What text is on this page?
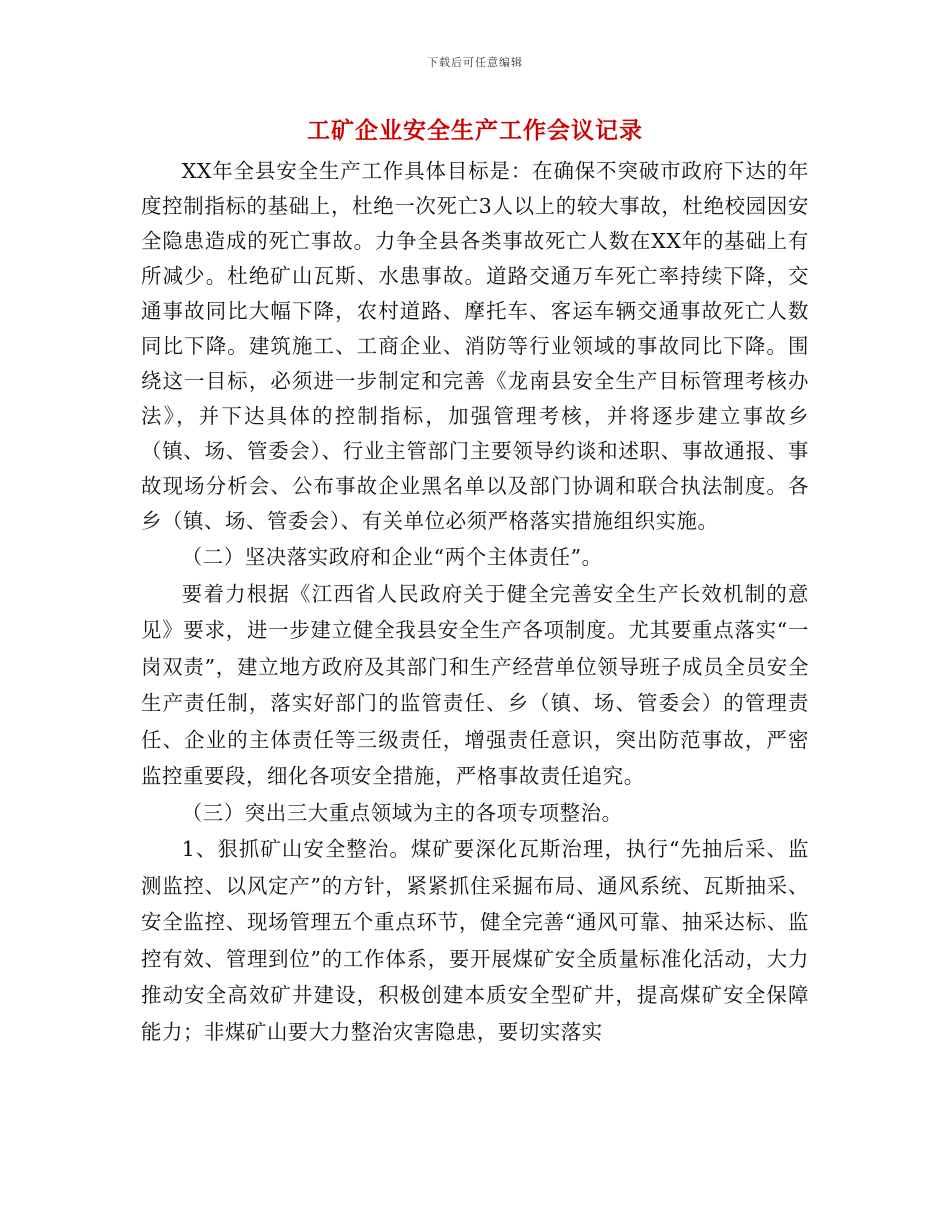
下载后可任意编辑
工矿企业安全生产工作会议记录

XX年全县安全生产工作具体目标是：在确保不突破市政府下达的年度控制指标的基础上，杜绝一次死亡3人以上的较大事故，杜绝校园因安全隐患造成的死亡事故。力争全县各类事故死亡人数在XX年的基础上有所减少。杜绝矿山瓦斯、水患事故。道路交通万车死亡率持续下降，交通事故同比大幅下降，农村道路、摩托车、客运车辆交通事故死亡人数同比下降。建筑施工、工商企业、消防等行业领域的事故同比下降。围绕这一目标，必须进一步制定和完善《龙南县安全生产目标管理考核办法》，并下达具体的控制指标，加强管理考核，并将逐步建立事故乡（镇、场、管委会）、行业主管部门主要领导约谈和述职、事故通报、事故现场分析会、公布事故企业黑名单以及部门协调和联合执法制度。各乡（镇、场、管委会）、有关单位必须严格落实措施组织实施。

（二）坚决落实政府和企业“两个主体责任”。

要着力根据《江西省人民政府关于健全完善安全生产长效机制的意见》要求，进一步建立健全我县安全生产各项制度。尤其要重点落实“一岗双责”，建立地方政府及其部门和生产经营单位领导班子成员全员安全生产责任制，落实好部门的监管责任、乡（镇、场、管委会）的管理责任、企业的主体责任等三级责任，增强责任意识，突出防范事故，严密监控重要段，细化各项安全措施，严格事故责任追究。

（三）突出三大重点领域为主的各项专项整治。

1、狠抓矿山安全整治。煤矿要深化瓦斯治理，执行“先抽后采、监测监控、以风定产”的方针，紧紧抓住采掘布局、通风系统、瓦斯抽采、安全监控、现场管理五个重点环节，健全完善“通风可靠、抽采达标、监控有效、管理到位”的工作体系，要开展煤矿安全质量标准化活动，大力推动安全高效矿井建设，积极创建本质安全型矿井，提高煤矿安全保障能力；非煤矿山要大力整治灾害隐患，要切实落实
